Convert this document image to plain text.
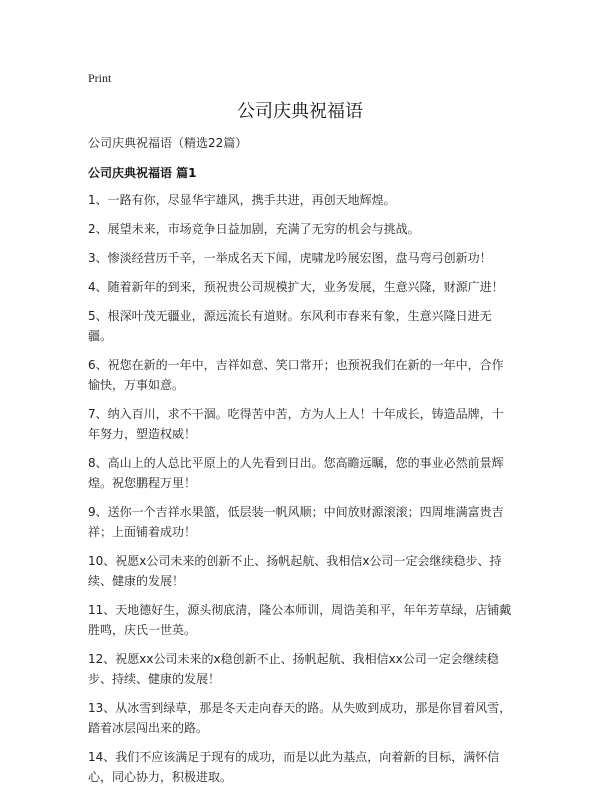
Print
公司庆典祝福语
公司庆典祝福语（精选22篇）
公司庆典祝福语 篇1

1、一路有你，尽显华宇雄风，携手共进，再创天地辉煌。

2、展望未来，市场竞争日益加剧，充满了无穷的机会与挑战。

3、惨淡经营历千辛，一举成名天下闻，虎啸龙吟展宏图，盘马弯弓创新功！

4、随着新年的到来，预祝贵公司规模扩大，业务发展，生意兴隆，财源广进！

5、根深叶茂无疆业，源远流长有道财。东风利市春来有象，生意兴隆日进无疆。

6、祝您在新的一年中，吉祥如意、笑口常开；也预祝我们在新的一年中，合作愉快，万事如意。

7、纳入百川，求不干涸。吃得苦中苦，方为人上人！十年成长，铸造品牌，十年努力，塑造权威！

8、高山上的人总比平原上的人先看到日出。您高瞻远瞩，您的事业必然前景辉煌。祝您鹏程万里！

9、送你一个吉祥水果篮，低层装一帆风顺；中间放财源滚滚；四周堆满富贵吉祥；上面铺着成功！

10、祝愿x公司未来的创新不止、扬帆起航、我相信x公司一定会继续稳步、持续、健康的发展！

11、天地德好生，源头彻底清，隆公本师训，周诰美和平，年年芳草绿，店铺戴胜鸣，庆氏一世英。

12、祝愿xx公司未来的x稳创新不止、扬帆起航、我相信xx公司一定会继续稳步、持续、健康的发展！

13、从冰雪到绿草，那是冬天走向春天的路。从失败到成功，那是你冒着风雪，踏着冰层闯出来的路。

14、我们不应该满足于现有的成功，而是以此为基点，向着新的目标，满怀信心，同心协力，积极进取。
